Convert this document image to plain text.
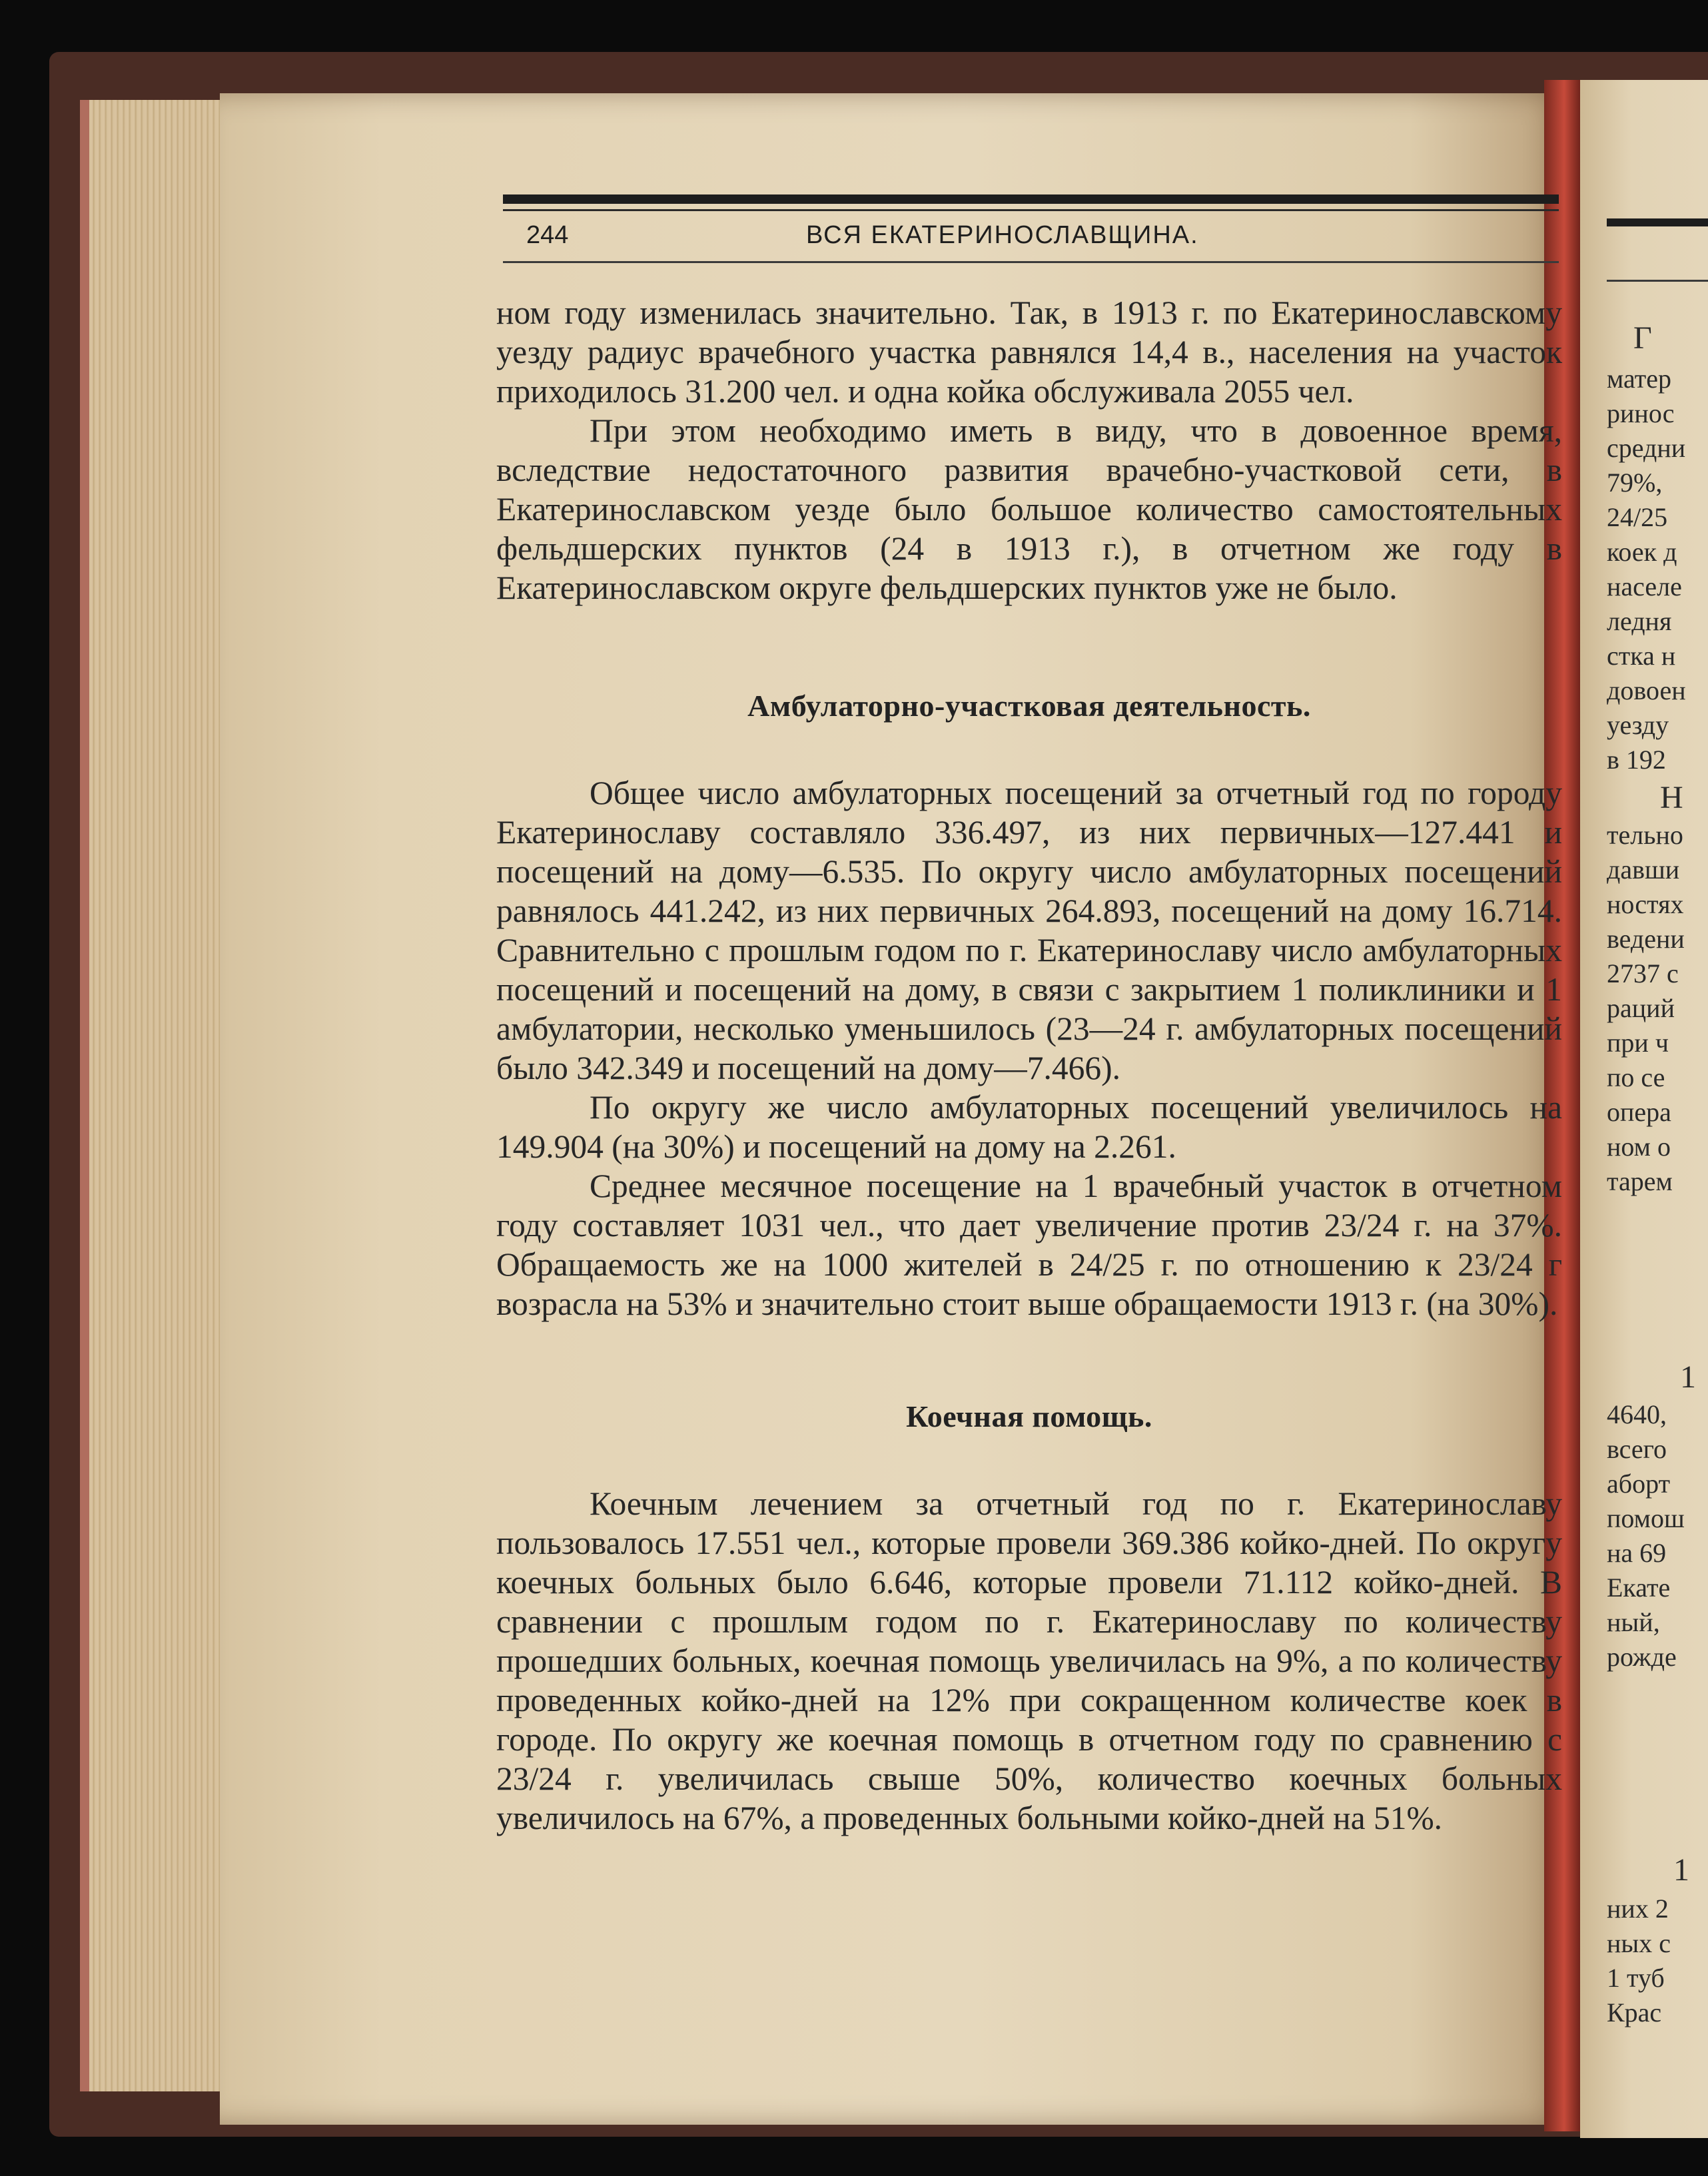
Г
матер
ринос
средни
79%,
24/25
коек д
населе
ледня
стка н
довоен
уезду
в 192
Н
тельно
давши
ностях
ведени
2737 с
раций
при ч
по се
опера
ном о
тарем
1
4640,
всего
аборт
помош
на 69
Екате
ный,
рожде
1
них 2
ных с
1 туб
Крас
244	ВСЯ ЕКАТЕРИНОСЛАВЩИНА.

ном году изменилась значительно. Так, в 1913 г. по Екатеринославскому уезду радиус врачебного участка равнялся 14,4 в., населения на участок приходилось 31.200 чел. и одна койка обслуживала 2055 чел.

При этом необходимо иметь в виду, что в довоенное время, вследствие недостаточного развития врачебно-участковой сети, в Екатеринославском уезде было большое количество самостоятельных фельдшерских пунктов (24 в 1913 г.), в отчетном же году в Екатеринославском округе фельдшерских пунктов уже не было.

Амбулаторно-участковая деятельность.

Общее число амбулаторных посещений за отчетный год по городу Екатеринославу составляло 336.497, из них первичных—127.441 и посещений на дому—6.535. По округу число амбулаторных посещений равнялось 441.242, из них первичных 264.893, посещений на дому 16.714. Сравнительно с прошлым годом по г. Екатеринославу число амбулаторных посещений и посещений на дому, в связи с закрытием 1 поликлиники и 1 амбулатории, несколько уменьшилось (23—24 г. амбулаторных посещений было 342.349 и посещений на дому—7.466).

По округу же число амбулаторных посещений увеличилось на 149.904 (на 30%) и посещений на дому на 2.261.

Среднее месячное посещение на 1 врачебный участок в отчетном году составляет 1031 чел., что дает увеличение против 23/24 г. на 37%. Обращаемость же на 1000 жителей в 24/25 г. по отношению к 23/24 г возрасла на 53% и значительно стоит выше обращаемости 1913 г. (на 30%).

Коечная помощь.

Коечным лечением за отчетный год по г. Екатеринославу пользовалось 17.551 чел., которые провели 369.386 койко-дней. По округу коечных больных было 6.646, которые провели 71.112 койко-дней. В сравнении с прошлым годом по г. Екатеринославу по количеству прошедших больных, коечная помощь увеличилась на 9%, а по количеству проведенных койко-дней на 12% при сокращенном количестве коек в городе. По округу же коечная помощь в отчетном году по сравнению с 23/24 г. увеличилась свыше 50%, количество коечных больных увеличилось на 67%, а проведенных больными койко-дней на 51%.
